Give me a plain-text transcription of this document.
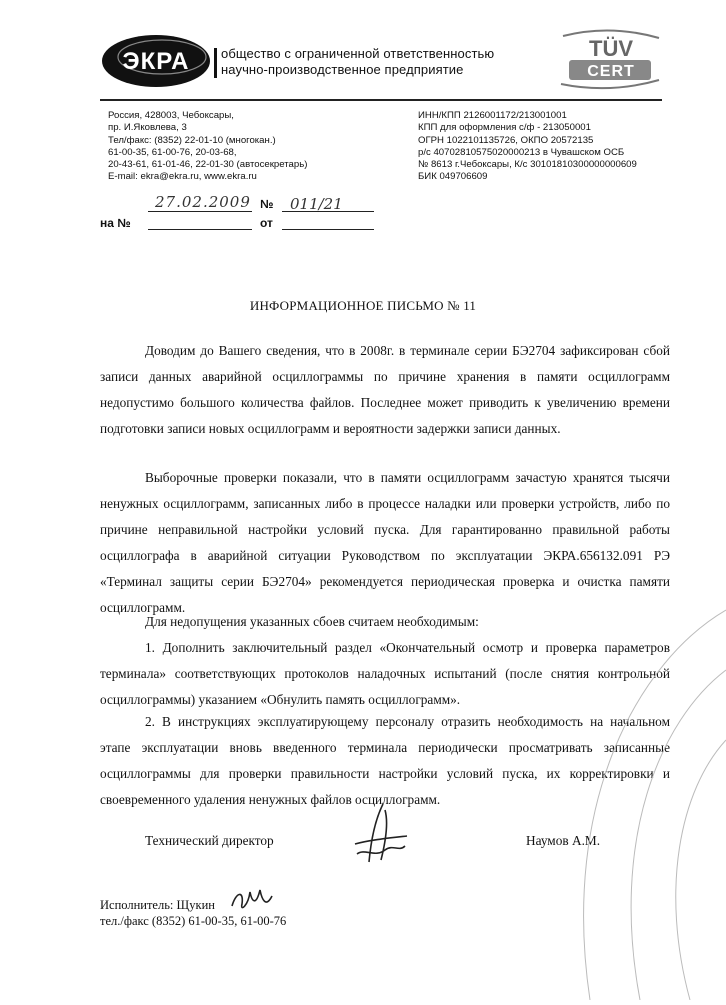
ЭКРА общество с ограниченной ответственностью
научно-производственное предприятие
TÜV
CERT
Россия, 428003, Чебоксары,
пр. И.Яковлева, 3
Тел/факс: (8352) 22-01-10 (многокан.)
61-00-35, 61-00-76, 20-03-68,
20-43-61, 61-01-46, 22-01-30 (автосекретарь)
E-mail: ekra@ekra.ru, www.ekra.ru
ИНН/КПП 2126001172/213001001
КПП для оформления с/ф - 213050001
ОГРН 1022101135726, ОКПО 20572135
р/с 40702810575020000213 в Чувашском ОСБ
№ 8613 г.Чебоксары, К/с 30101810300000000609
БИК 049706609
27.02.2009 № 011/21
на №	от
ИНФОРМАЦИОННОЕ ПИСЬМО № 11
Доводим до Вашего сведения, что в 2008г. в терминале серии БЭ2704 зафиксирован сбой записи данных аварийной осциллограммы по причине хранения в памяти осциллограмм недопустимо большого количества файлов. Последнее может приводить к увеличению времени подготовки записи новых осциллограмм и вероятности задержки записи данных.
Выборочные проверки показали, что в памяти осциллограмм зачастую хранятся тысячи ненужных осциллограмм, записанных либо в процессе наладки или проверки устройств, либо по причине неправильной настройки условий пуска. Для гарантированно правильной работы осциллографа в аварийной ситуации Руководством по эксплуатации ЭКРА.656132.091 РЭ «Терминал защиты серии БЭ2704» рекомендуется периодическая проверка и очистка памяти осциллограмм.
Для недопущения указанных сбоев считаем необходимым:
1. Дополнить заключительный раздел «Окончательный осмотр и проверка параметров терминала» соответствующих протоколов наладочных испытаний (после снятия контрольной осциллограммы) указанием «Обнулить память осциллограмм».
2. В инструкциях эксплуатирующему персоналу отразить необходимость на начальном этапе эксплуатации вновь введенного терминала периодически просматривать записанные осциллограммы для проверки правильности настройки условий пуска, их корректировки и своевременного удаления ненужных файлов осциллограмм.
Технический директор	Наумов А.М.
Исполнитель: Щукин
тел./факс (8352) 61-00-35, 61-00-76
